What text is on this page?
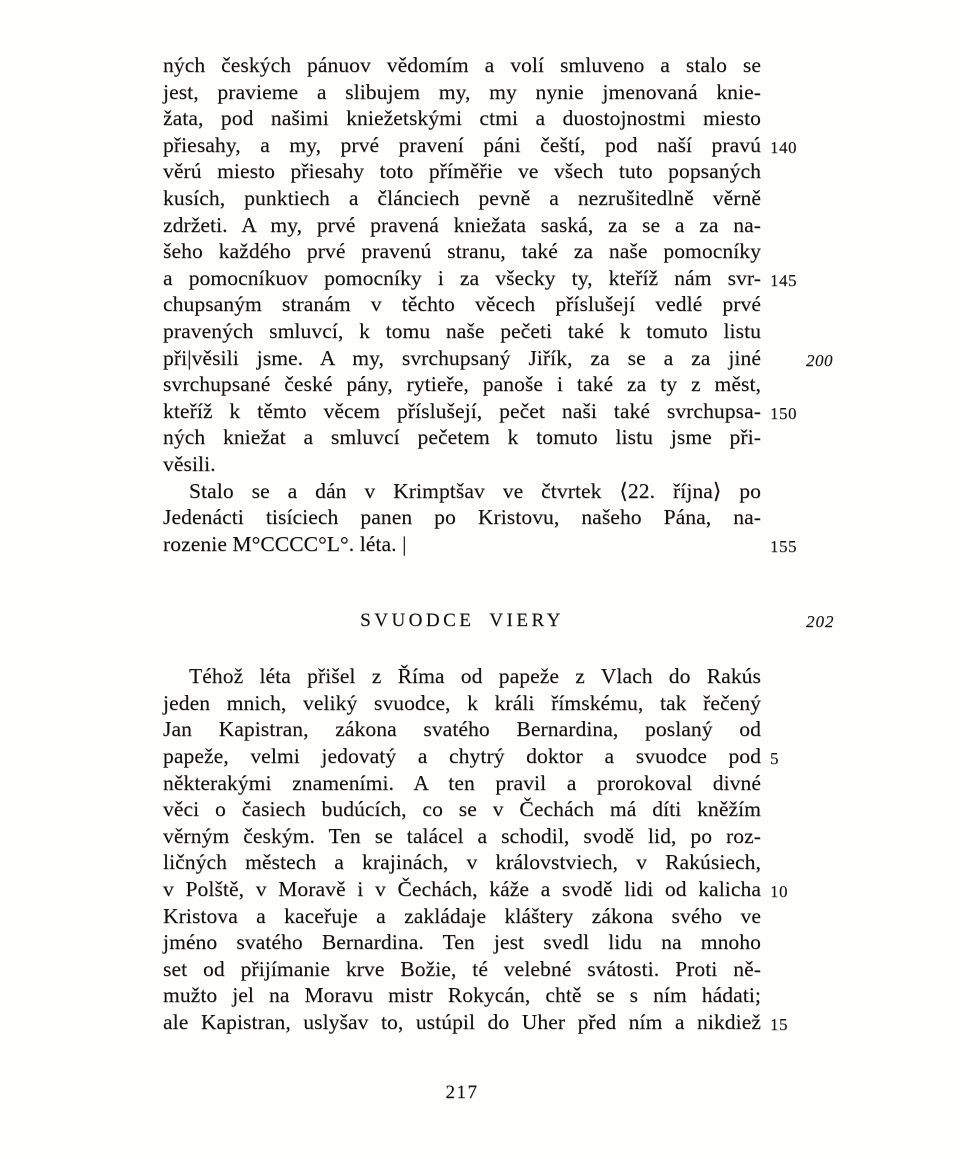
ných českých pánuov vědomím a volí smluveno a stalo se
jest, pravieme a slibujem my, my nynie jmenovaná knie-
žata, pod našimi kniežetskými ctmi a duostojnostmi miesto
přiesahy, a my, prvé pravení páni čeští, pod naší pravú 140
věrú miesto přiesahy toto příměřie ve všech tuto popsaných
kusích, punktiech a článciech pevně a nezrušitedlně věrně
zdržeti. A my, prvé pravená kniežata saská, za se a za na-
šeho každého prvé pravenú stranu, také za naše pomocníky
a pomocníkuov pomocníky i za všecky ty, kteříž nám svr- 145
chupsaným stranám v těchto věcech příslušejí vedlé prvé
pravených smluvcí, k tomu naše pečeti také k tomuto listu
při|věsili jsme. A my, svrchupsaný Jiřík, za se a za jiné	200
svrchupsané české pány, rytieře, panoše i také za ty z měst,
kteříž k těmto věcem příslušejí, pečet naši také svrchupsa- 150
ných kniežat a smluvcí pečetem k tomuto listu jsme při-
věsili.
Stalo se a dán v Krimptšav ve čtvrtek ⟨22. října⟩ po
Jedenácti tisíciech panen po Kristovu, našeho Pána, na-
rozenie M°CCCC°L°. léta. |	155
SVUODCE VIERY	202
Téhož léta přišel z Říma od papeže z Vlach do Rakús
jeden mnich, veliký svuodce, k králi římskému, tak řečený
Jan Kapistran, zákona svatého Bernardina, poslaný od
papeže, velmi jedovatý a chytrý doktor a svuodce pod 5
některakými znameními. A ten pravil a prorokoval divné
věci o časiech budúcích, co se v Čechách má díti kněžím
věrným českým. Ten se talácel a schodil, svodě lid, po roz-
ličných městech a krajinách, v královstviech, v Rakúsiech,
v Polště, v Moravě i v Čechách, káže a svodě lidi od kalicha 10
Kristova a kaceřuje a zakládaje kláštery zákona svého ve
jméno svatého Bernardina. Ten jest svedl lidu na mnoho
set od přijímanie krve Božie, té velebné svátosti. Proti ně-
mužto jel na Moravu mistr Rokycán, chtě se s ním hádati;
ale Kapistran, uslyšav to, ustúpil do Uher před ním a nikdiež 15
217
